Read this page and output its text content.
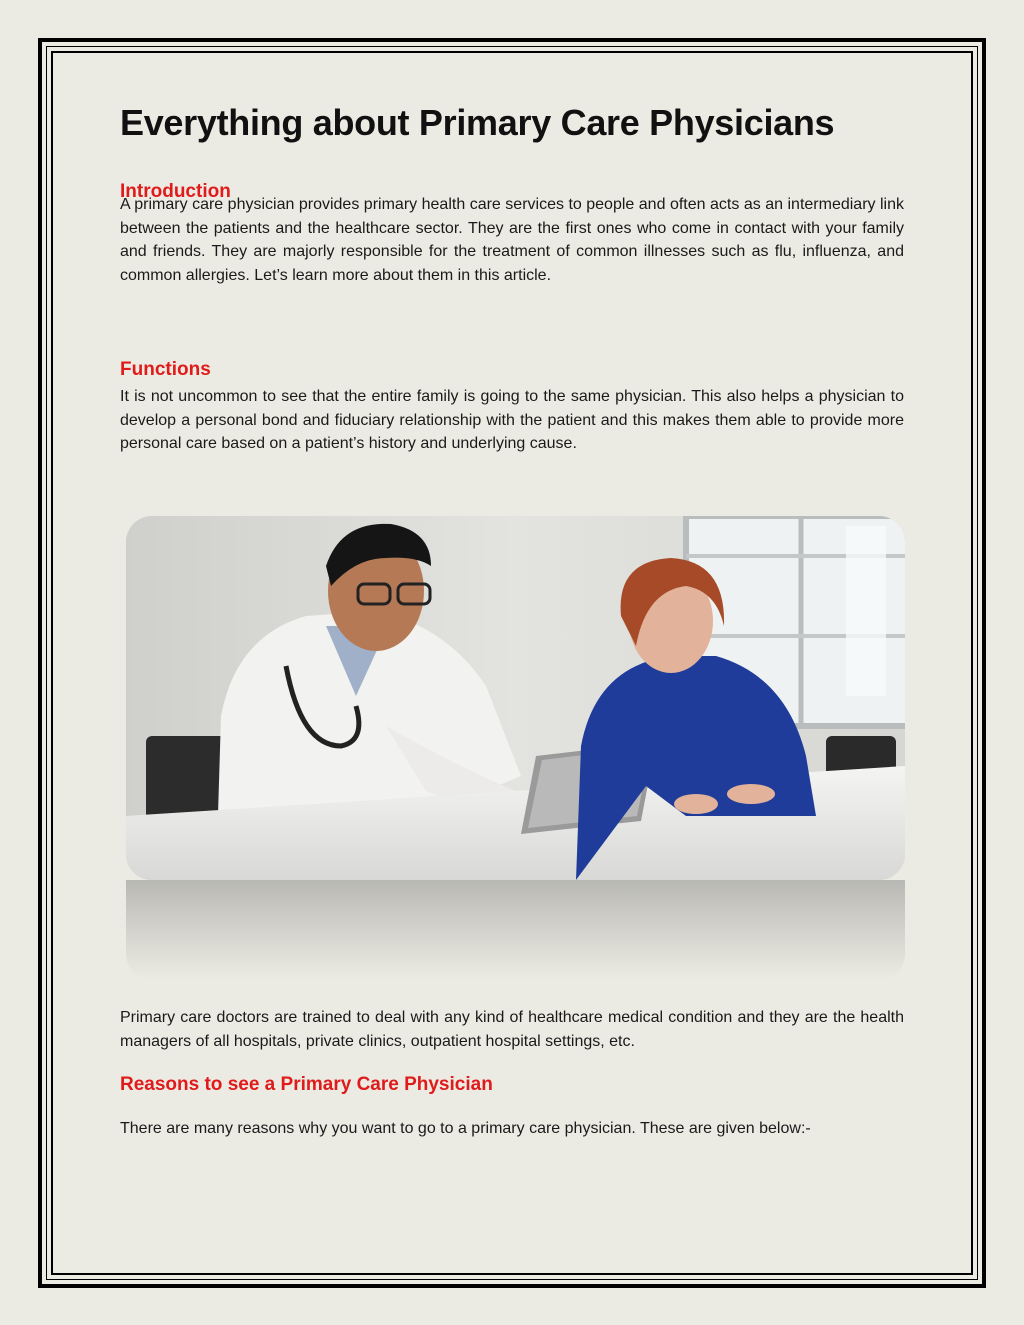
Everything about Primary Care Physicians
Introduction

A primary care physician provides primary health care services to people and often acts as an intermediary link between the patients and the healthcare sector. They are the first ones who come in contact with your family and friends. They are majorly responsible for the treatment of common illnesses such as flu, influenza, and common allergies. Let’s learn more about them in this article.

Functions

It is not uncommon to see that the entire family is going to the same physician. This also helps a physician to develop a personal bond and fiduciary relationship with the patient and this makes them able to provide more personal care based on a patient’s history and underlying cause.

Primary care doctors are trained to deal with any kind of healthcare medical condition and they are the health managers of all hospitals, private clinics, outpatient hospital settings, etc.

Reasons to see a Primary Care Physician

There are many reasons why you want to go to a primary care physician. These are given below:-
